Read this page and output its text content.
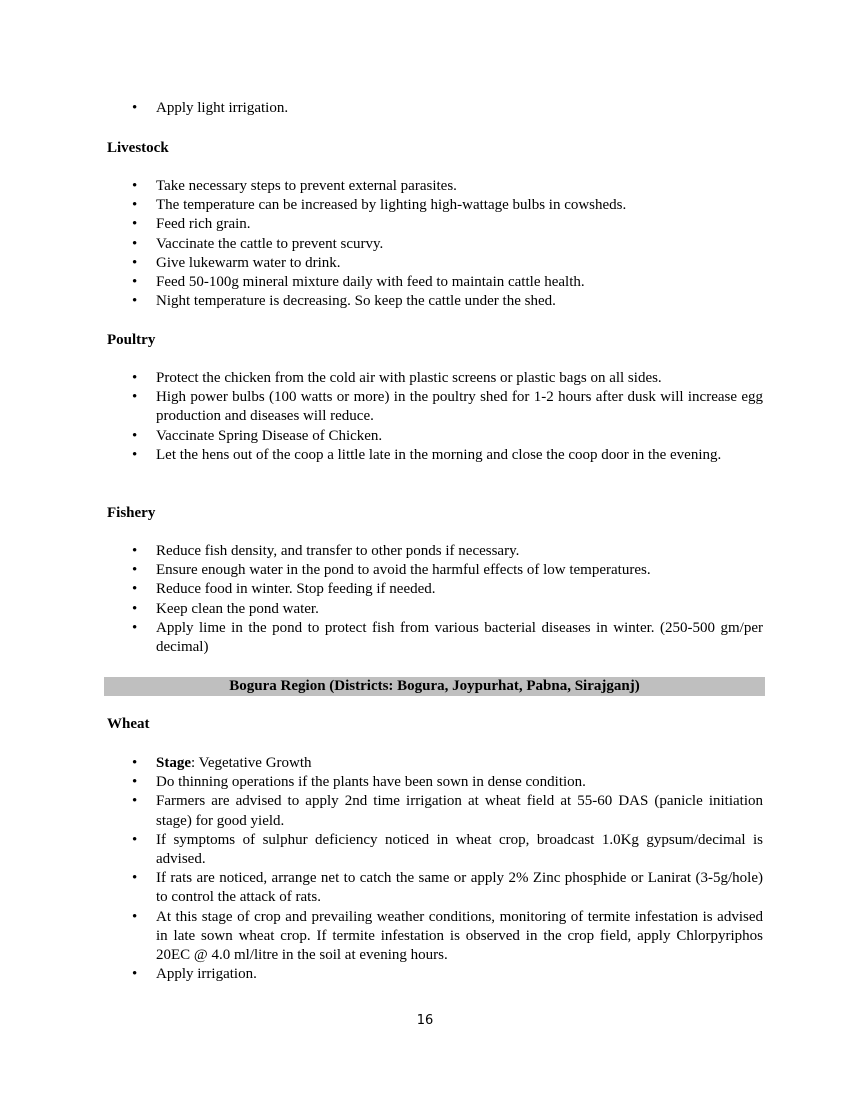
• Apply light irrigation.
Livestock
• Take necessary steps to prevent external parasites.
• The temperature can be increased by lighting high-wattage bulbs in cowsheds.
• Feed rich grain.
• Vaccinate the cattle to prevent scurvy.
• Give lukewarm water to drink.
• Feed 50-100g mineral mixture daily with feed to maintain cattle health.
• Night temperature is decreasing. So keep the cattle under the shed.
Poultry
• Protect the chicken from the cold air with plastic screens or plastic bags on all sides.
• High power bulbs (100 watts or more) in the poultry shed for 1-2 hours after dusk will increase egg production and diseases will reduce.
• Vaccinate Spring Disease of Chicken.
• Let the hens out of the coop a little late in the morning and close the coop door in the evening.
Fishery
• Reduce fish density, and transfer to other ponds if necessary.
• Ensure enough water in the pond to avoid the harmful effects of low temperatures.
• Reduce food in winter. Stop feeding if needed.
• Keep clean the pond water.
• Apply lime in the pond to protect fish from various bacterial diseases in winter. (250-500 gm/per decimal)
Bogura Region (Districts: Bogura, Joypurhat, Pabna, Sirajganj)
Wheat
• Stage: Vegetative Growth
• Do thinning operations if the plants have been sown in dense condition.
• Farmers are advised to apply 2nd time irrigation at wheat field at 55-60 DAS (panicle initiation stage) for good yield.
• If symptoms of sulphur deficiency noticed in wheat crop, broadcast 1.0Kg gypsum/decimal is advised.
• If rats are noticed, arrange net to catch the same or apply 2% Zinc phosphide or Lanirat (3-5g/hole) to control the attack of rats.
• At this stage of crop and prevailing weather conditions, monitoring of termite infestation is advised in late sown wheat crop. If termite infestation is observed in the crop field, apply Chlorpyriphos 20EC @ 4.0 ml/litre in the soil at evening hours.
• Apply irrigation.
16
